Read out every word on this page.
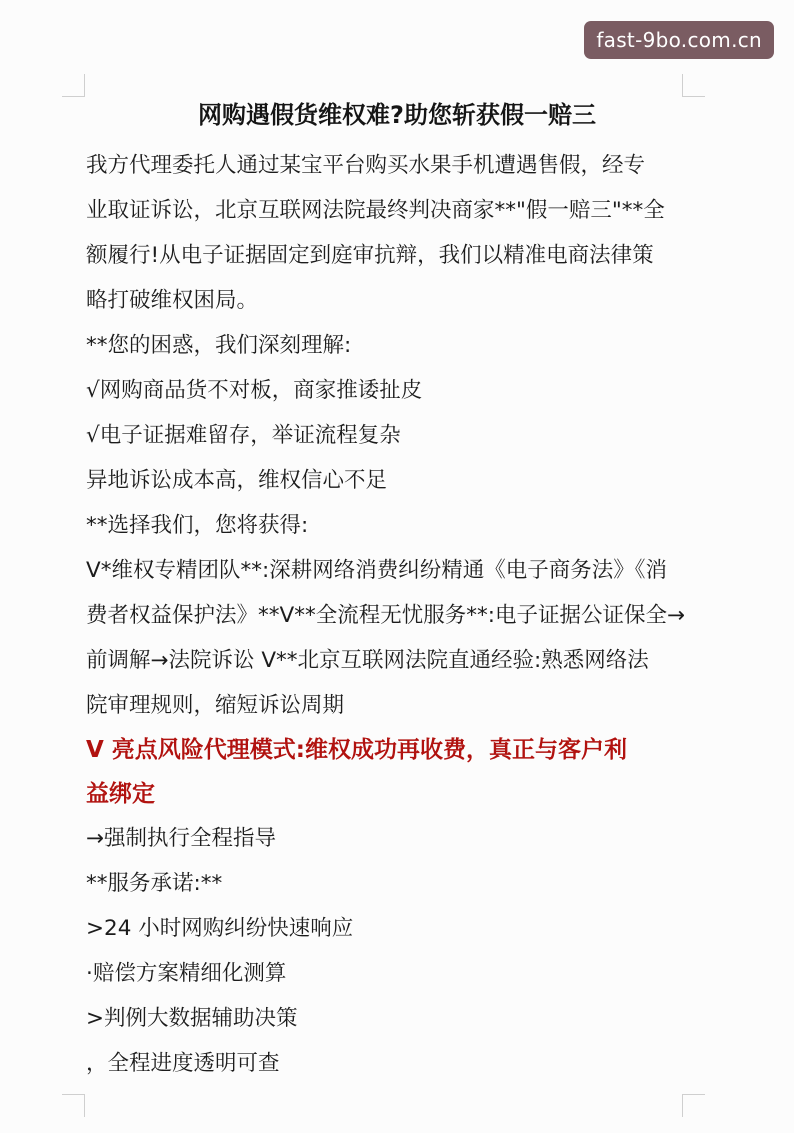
fast-9bo.com.cn
网购遇假货维权难?助您斩获假一赔三
我方代理委托人通过某宝平台购买水果手机遭遇售假，经专
业取证诉讼，北京互联网法院最终判决商家**"假一赔三"**全
额履行!从电子证据固定到庭审抗辩，我们以精准电商法律策
略打破维权困局。
**您的困惑，我们深刻理解:
√网购商品货不对板，商家推诿扯皮
√电子证据难留存，举证流程复杂
异地诉讼成本高，维权信心不足
**选择我们，您将获得:
V*维权专精团队**:深耕网络消费纠纷精通《电子商务法》《消
费者权益保护法》**V**全流程无忧服务**:电子证据公证保全→
前调解→法院诉讼 V**北京互联网法院直通经验:熟悉网络法
院审理规则，缩短诉讼周期
V 亮点风险代理模式:维权成功再收费，真正与客户利
益绑定
→强制执行全程指导
**服务承诺:**
>24 小时网购纠纷快速响应
·赔偿方案精细化测算
>判例大数据辅助决策
，全程进度透明可查
